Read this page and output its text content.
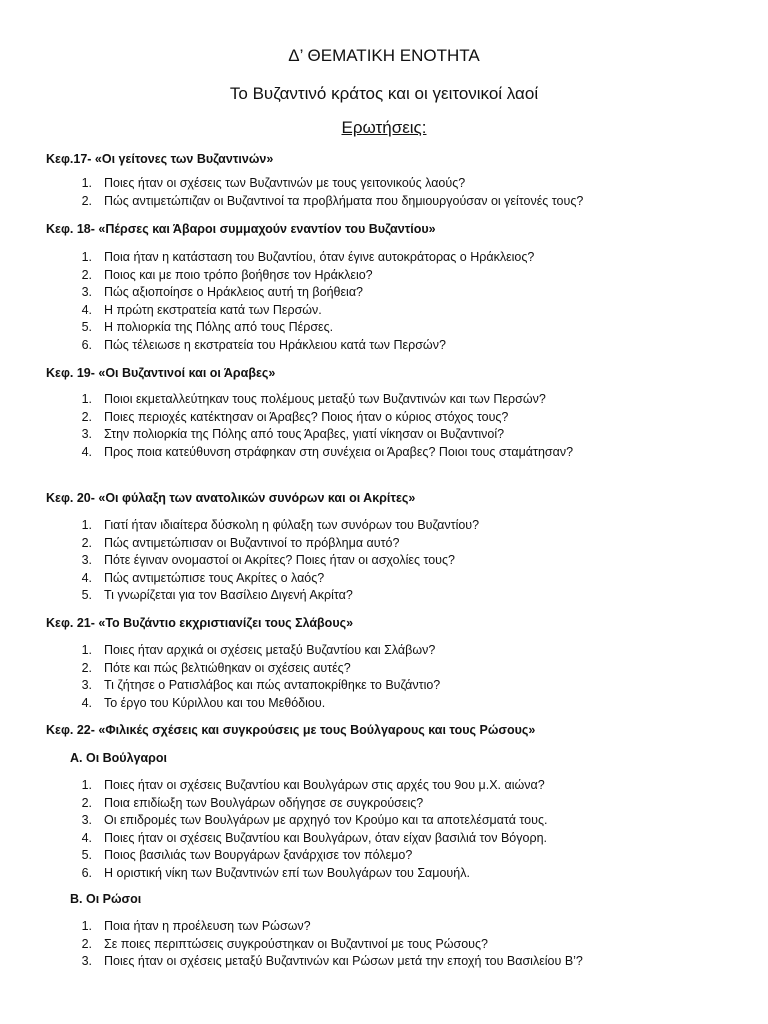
Δ’ ΘΕΜΑΤΙΚΗ ΕΝΟΤΗΤΑ
Το Βυζαντινό κράτος και οι γειτονικοί λαοί
Ερωτήσεις:

Κεφ.17- «Οι γείτονες των Βυζαντινών»

1. Ποιες ήταν οι σχέσεις των Βυζαντινών με τους γειτονικούς λαούς?
2. Πώς αντιμετώπιζαν οι Βυζαντινοί τα προβλήματα που δημιουργούσαν οι γείτονές τους?

Κεφ. 18- «Πέρσες και Άβαροι συμμαχούν εναντίον του Βυζαντίου»

1. Ποια ήταν η κατάσταση του Βυζαντίου, όταν έγινε αυτοκράτορας ο Ηράκλειος?
2. Ποιος και με ποιο τρόπο βοήθησε τον Ηράκλειο?
3. Πώς αξιοποίησε ο Ηράκλειος αυτή τη βοήθεια?
4. Η πρώτη εκστρατεία κατά των Περσών.
5. Η πολιορκία της Πόλης από τους Πέρσες.
6. Πώς τέλειωσε η εκστρατεία του Ηράκλειου κατά των Περσών?

Κεφ. 19- «Οι Βυζαντινοί και οι Άραβες»

1. Ποιοι εκμεταλλεύτηκαν τους πολέμους μεταξύ των Βυζαντινών και των Περσών?
2. Ποιες περιοχές κατέκτησαν οι Άραβες? Ποιος ήταν ο κύριος στόχος τους?
3. Στην πολιορκία της Πόλης από τους Άραβες, γιατί νίκησαν οι Βυζαντινοί?
4. Προς ποια κατεύθυνση στράφηκαν στη συνέχεια οι Άραβες? Ποιοι τους σταμάτησαν?

Κεφ. 20- «Οι φύλαξη των ανατολικών συνόρων και οι Ακρίτες»

1. Γιατί ήταν ιδιαίτερα δύσκολη η φύλαξη των συνόρων του Βυζαντίου?
2. Πώς αντιμετώπισαν οι Βυζαντινοί το πρόβλημα αυτό?
3. Πότε έγιναν ονομαστοί οι Ακρίτες? Ποιες ήταν οι ασχολίες τους?
4. Πώς αντιμετώπισε τους Ακρίτες ο λαός?
5. Τι γνωρίζεται για τον Βασίλειο Διγενή Ακρίτα?

Κεφ. 21- «Το Βυζάντιο εκχριστιανίζει τους Σλάβους»

1. Ποιες ήταν αρχικά οι σχέσεις μεταξύ Βυζαντίου και Σλάβων?
2. Πότε και πώς βελτιώθηκαν οι σχέσεις αυτές?
3. Τι ζήτησε ο Ρατισλάβος και πώς ανταποκρίθηκε το Βυζάντιο?
4. Το έργο του Κύριλλου και του Μεθόδιου.

Κεφ. 22- «Φιλικές σχέσεις και συγκρούσεις με τους Βούλγαρους και τους Ρώσους»

Α. Οι Βούλγαροι

1. Ποιες ήταν οι σχέσεις Βυζαντίου και Βουλγάρων στις αρχές του 9ου μ.Χ. αιώνα?
2. Ποια επιδίωξη των Βουλγάρων οδήγησε σε συγκρούσεις?
3. Οι επιδρομές των Βουλγάρων με αρχηγό τον Κρούμο και τα αποτελέσματά τους.
4. Ποιες ήταν οι σχέσεις Βυζαντίου και Βουλγάρων, όταν είχαν βασιλιά τον Βόγορη.
5. Ποιος βασιλιάς των Βουργάρων ξανάρχισε τον πόλεμο?
6. Η οριστική νίκη των Βυζαντινών επί των Βουλγάρων του Σαμουήλ.

Β. Οι Ρώσοι

1. Ποια ήταν η προέλευση των Ρώσων?
2. Σε ποιες περιπτώσεις συγκρούστηκαν οι Βυζαντινοί με τους Ρώσους?
3. Ποιες ήταν οι σχέσεις μεταξύ Βυζαντινών και Ρώσων μετά την εποχή του Βασιλείου Β’?
